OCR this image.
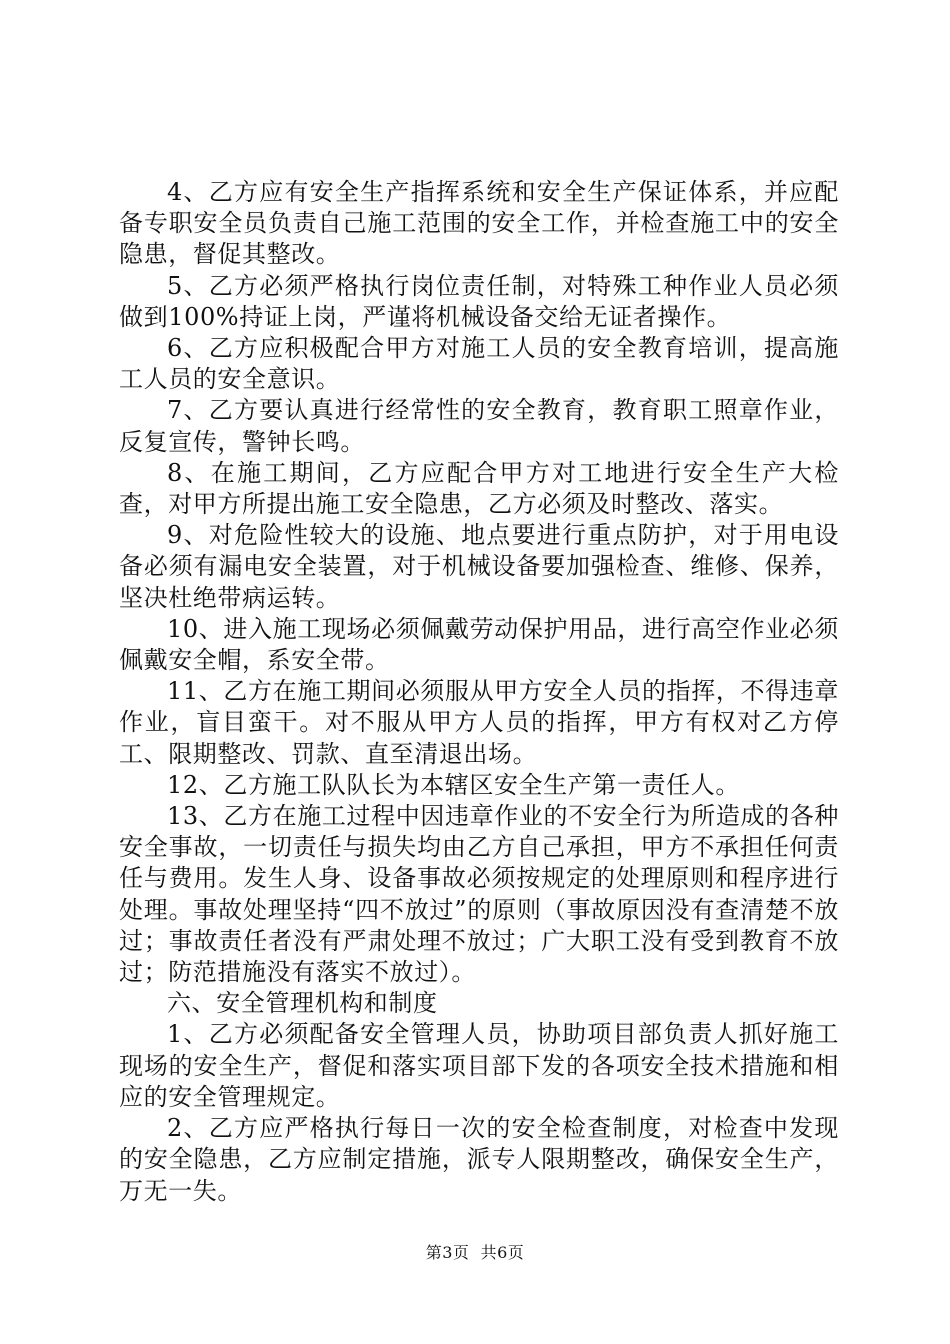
4、乙方应有安全生产指挥系统和安全生产保证体系，并应配备专职安全员负责自己施工范围的安全工作，并检查施工中的安全隐患，督促其整改。

5、乙方必须严格执行岗位责任制，对特殊工种作业人员必须做到100%持证上岗，严谨将机械设备交给无证者操作。

6、乙方应积极配合甲方对施工人员的安全教育培训，提高施工人员的安全意识。

7、乙方要认真进行经常性的安全教育，教育职工照章作业，反复宣传，警钟长鸣。

8、在施工期间，乙方应配合甲方对工地进行安全生产大检查，对甲方所提出施工安全隐患，乙方必须及时整改、落实。

9、对危险性较大的设施、地点要进行重点防护，对于用电设备必须有漏电安全装置，对于机械设备要加强检查、维修、保养，坚决杜绝带病运转。

10、进入施工现场必须佩戴劳动保护用品，进行高空作业必须佩戴安全帽，系安全带。

11、乙方在施工期间必须服从甲方安全人员的指挥，不得违章作业，盲目蛮干。对不服从甲方人员的指挥，甲方有权对乙方停工、限期整改、罚款、直至清退出场。

12、乙方施工队队长为本辖区安全生产第一责任人。

13、乙方在施工过程中因违章作业的不安全行为所造成的各种安全事故，一切责任与损失均由乙方自己承担，甲方不承担任何责任与费用。发生人身、设备事故必须按规定的处理原则和程序进行处理。事故处理坚持“四不放过”的原则（事故原因没有查清楚不放过；事故责任者没有严肃处理不放过；广大职工没有受到教育不放过；防范措施没有落实不放过）。

六、安全管理机构和制度

1、乙方必须配备安全管理人员，协助项目部负责人抓好施工现场的安全生产，督促和落实项目部下发的各项安全技术措施和相应的安全管理规定。

2、乙方应严格执行每日一次的安全检查制度，对检查中发现的安全隐患，乙方应制定措施，派专人限期整改，确保安全生产，万无一失。

第3页  共6页
